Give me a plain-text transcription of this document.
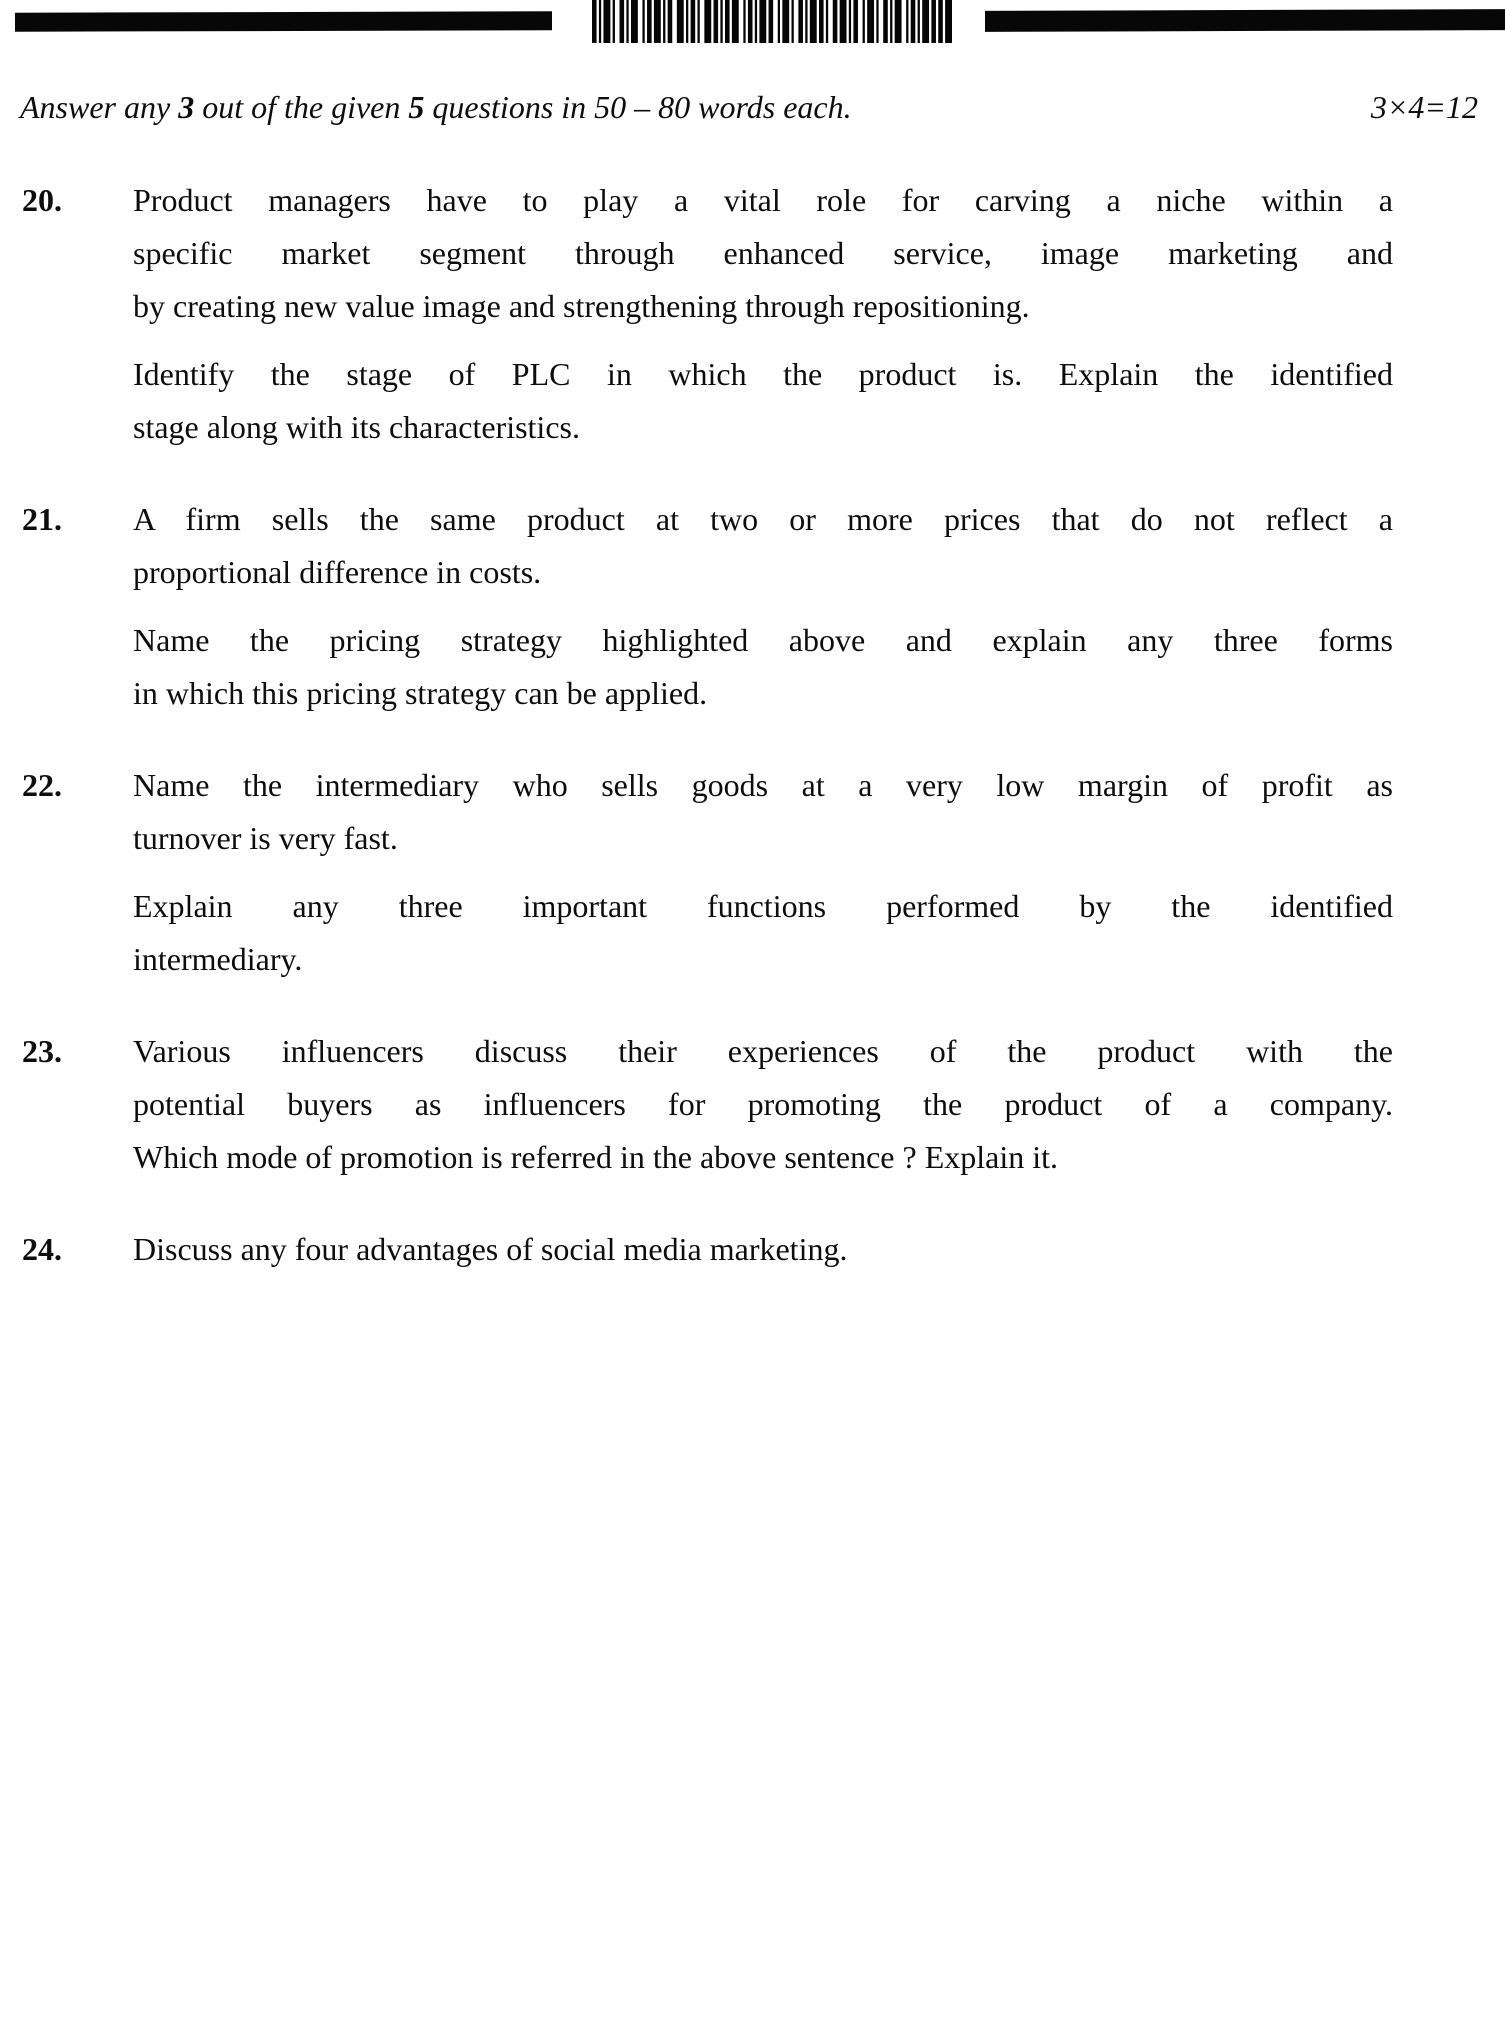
Answer any 3 out of the given 5 questions in 50 – 80 words each.	3×4=12
20. Product managers have to play a vital role for carving a niche within a
specific market segment through enhanced service, image marketing and
by creating new value image and strengthening through repositioning.
Identify the stage of PLC in which the product is. Explain the identified
stage along with its characteristics.
21. A firm sells the same product at two or more prices that do not reflect a
proportional difference in costs.
Name the pricing strategy highlighted above and explain any three forms
in which this pricing strategy can be applied.
22. Name the intermediary who sells goods at a very low margin of profit as
turnover is very fast.
Explain any three important functions performed by the identified
intermediary.
23. Various influencers discuss their experiences of the product with the
potential buyers as influencers for promoting the product of a company.
Which mode of promotion is referred in the above sentence ? Explain it.
24. Discuss any four advantages of social media marketing.
